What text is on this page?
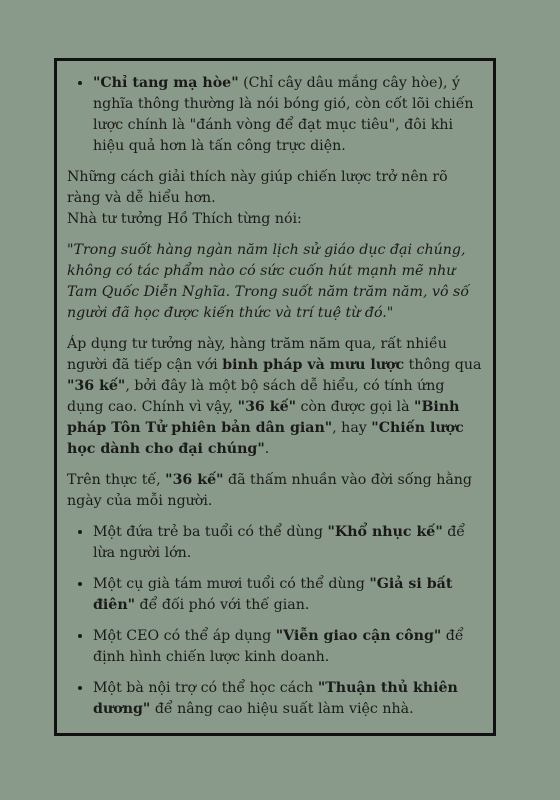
• "Chỉ tang mạ hòe" (Chỉ cây dâu mắng cây hòe), ý nghĩa thông thường là nói bóng gió, còn cốt lõi chiến lược chính là "đánh vòng để đạt mục tiêu", đôi khi hiệu quả hơn là tấn công trực diện.

Những cách giải thích này giúp chiến lược trở nên rõ ràng và dễ hiểu hơn.

Nhà tư tưởng Hồ Thích từng nói:

"Trong suốt hàng ngàn năm lịch sử giáo dục đại chúng, không có tác phẩm nào có sức cuốn hút mạnh mẽ như Tam Quốc Diễn Nghĩa. Trong suốt năm trăm năm, vô số người đã học được kiến thức và trí tuệ từ đó."

Áp dụng tư tưởng này, hàng trăm năm qua, rất nhiều người đã tiếp cận với binh pháp và mưu lược thông qua "36 kế", bởi đây là một bộ sách dễ hiểu, có tính ứng dụng cao. Chính vì vậy, "36 kế" còn được gọi là "Binh pháp Tôn Tử phiên bản dân gian", hay "Chiến lược học dành cho đại chúng".

Trên thực tế, "36 kế" đã thấm nhuần vào đời sống hằng ngày của mỗi người.

• Một đứa trẻ ba tuổi có thể dùng "Khổ nhục kế" để lừa người lớn.
• Một cụ già tám mươi tuổi có thể dùng "Giả si bất điên" để đối phó với thế gian.
• Một CEO có thể áp dụng "Viễn giao cận công" để định hình chiến lược kinh doanh.
• Một bà nội trợ có thể học cách "Thuận thủ khiên dương" để nâng cao hiệu suất làm việc nhà.
